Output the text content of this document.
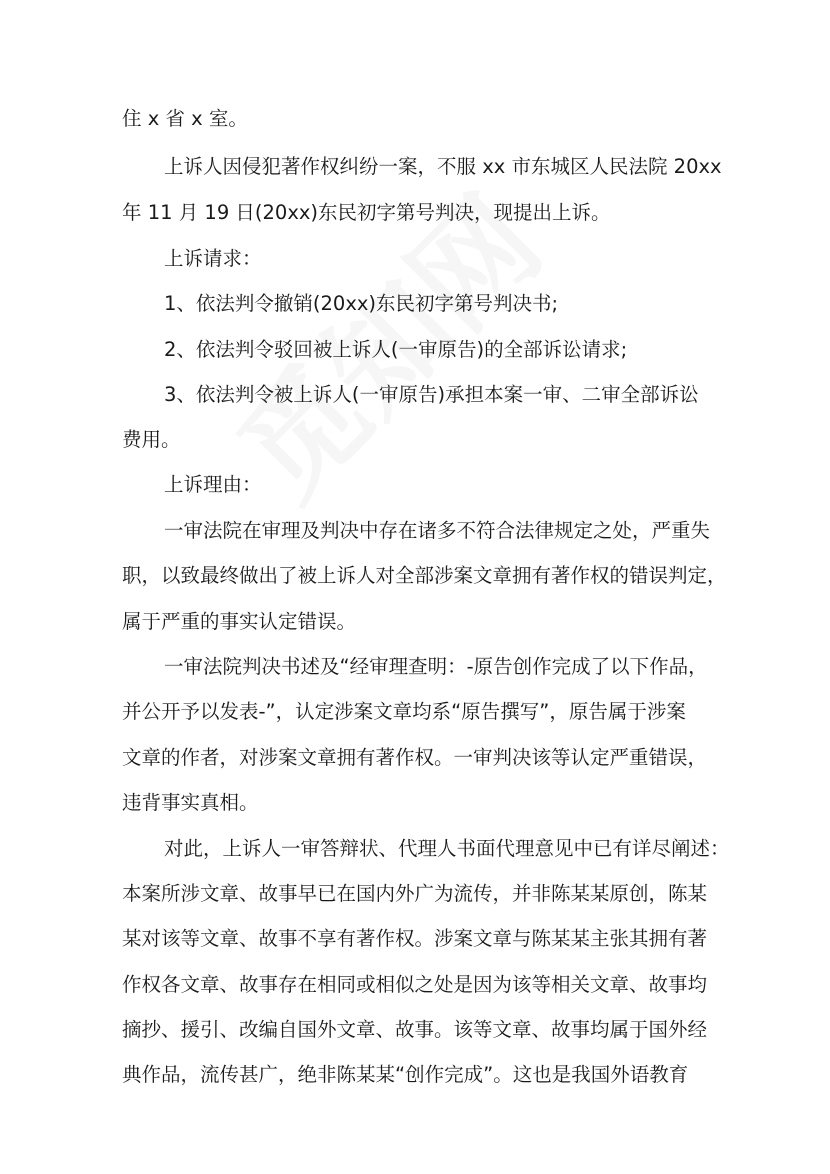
住 x 省 x 室。
上诉人因侵犯著作权纠纷一案，不服 xx 市东城区人民法院 20xx
年 11 月 19 日(20xx)东民初字第号判决，现提出上诉。
上诉请求：
1、依法判令撤销(20xx)东民初字第号判决书;
2、依法判令驳回被上诉人(一审原告)的全部诉讼请求;
3、依法判令被上诉人(一审原告)承担本案一审、二审全部诉讼
费用。
上诉理由：
一审法院在审理及判决中存在诸多不符合法律规定之处，严重失
职，以致最终做出了被上诉人对全部涉案文章拥有著作权的错误判定，
属于严重的事实认定错误。
一审法院判决书述及“经审理查明：-原告创作完成了以下作品，
并公开予以发表-”，认定涉案文章均系“原告撰写”，原告属于涉案
文章的作者，对涉案文章拥有著作权。一审判决该等认定严重错误，
违背事实真相。
对此，上诉人一审答辩状、代理人书面代理意见中已有详尽阐述：
本案所涉文章、故事早已在国内外广为流传，并非陈某某原创，陈某
某对该等文章、故事不享有著作权。涉案文章与陈某某主张其拥有著
作权各文章、故事存在相同或相似之处是因为该等相关文章、故事均
摘抄、援引、改编自国外文章、故事。该等文章、故事均属于国外经
典作品，流传甚广，绝非陈某某“创作完成”。这也是我国外语教育
